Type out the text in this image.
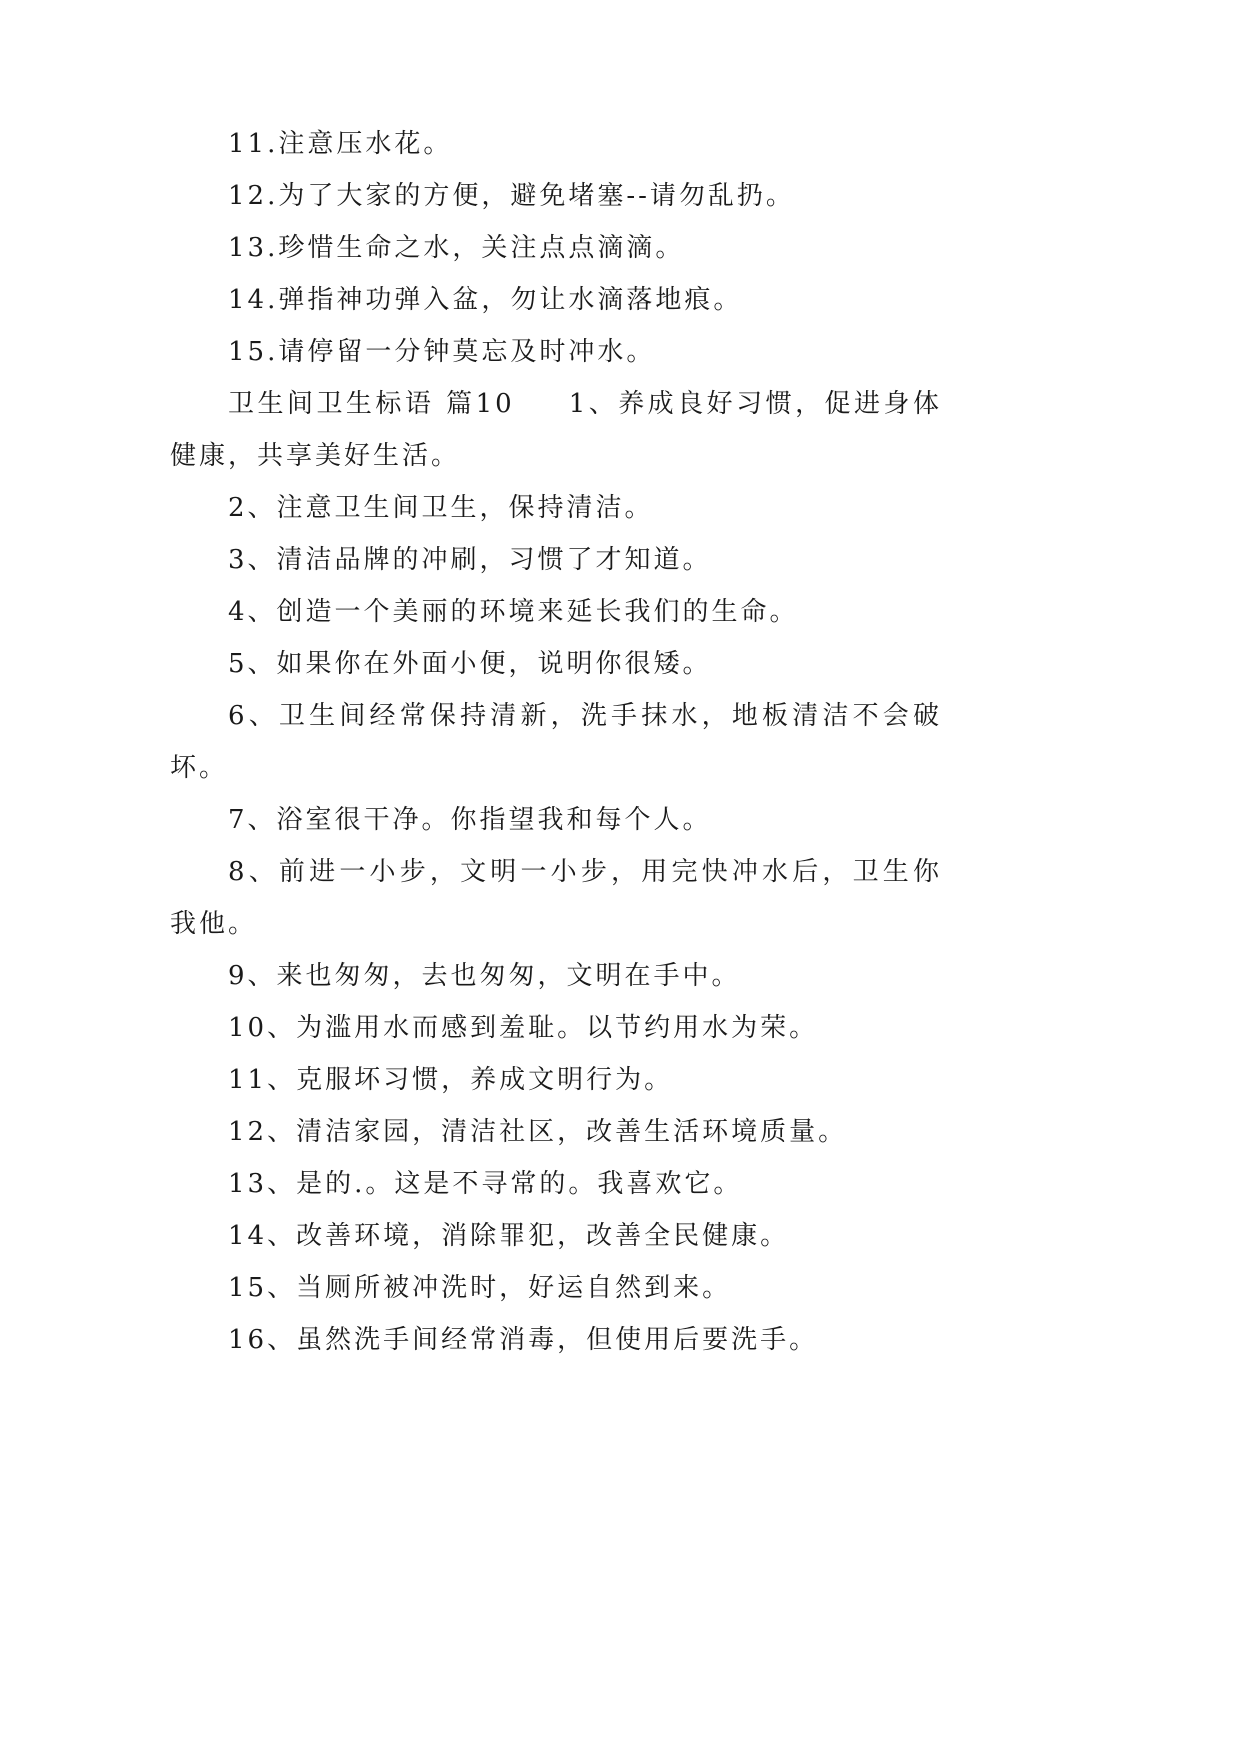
11.注意压水花。

12.为了大家的方便，避免堵塞--请勿乱扔。

13.珍惜生命之水，关注点点滴滴。

14.弹指神功弹入盆，勿让水滴落地痕。

15.请停留一分钟莫忘及时冲水。

卫生间卫生标语 篇10 1、养成良好习惯，促进身体健康，共享美好生活。

2、注意卫生间卫生，保持清洁。

3、清洁品牌的冲刷，习惯了才知道。

4、创造一个美丽的环境来延长我们的生命。

5、如果你在外面小便，说明你很矮。

6、卫生间经常保持清新，洗手抹水，地板清洁不会破坏。

7、浴室很干净。你指望我和每个人。

8、前进一小步，文明一小步，用完快冲水后，卫生你我他。

9、来也匆匆，去也匆匆，文明在手中。

10、为滥用水而感到羞耻。以节约用水为荣。

11、克服坏习惯，养成文明行为。

12、清洁家园，清洁社区，改善生活环境质量。

13、是的.。这是不寻常的。我喜欢它。

14、改善环境，消除罪犯，改善全民健康。

15、当厕所被冲洗时，好运自然到来。

16、虽然洗手间经常消毒，但使用后要洗手。
